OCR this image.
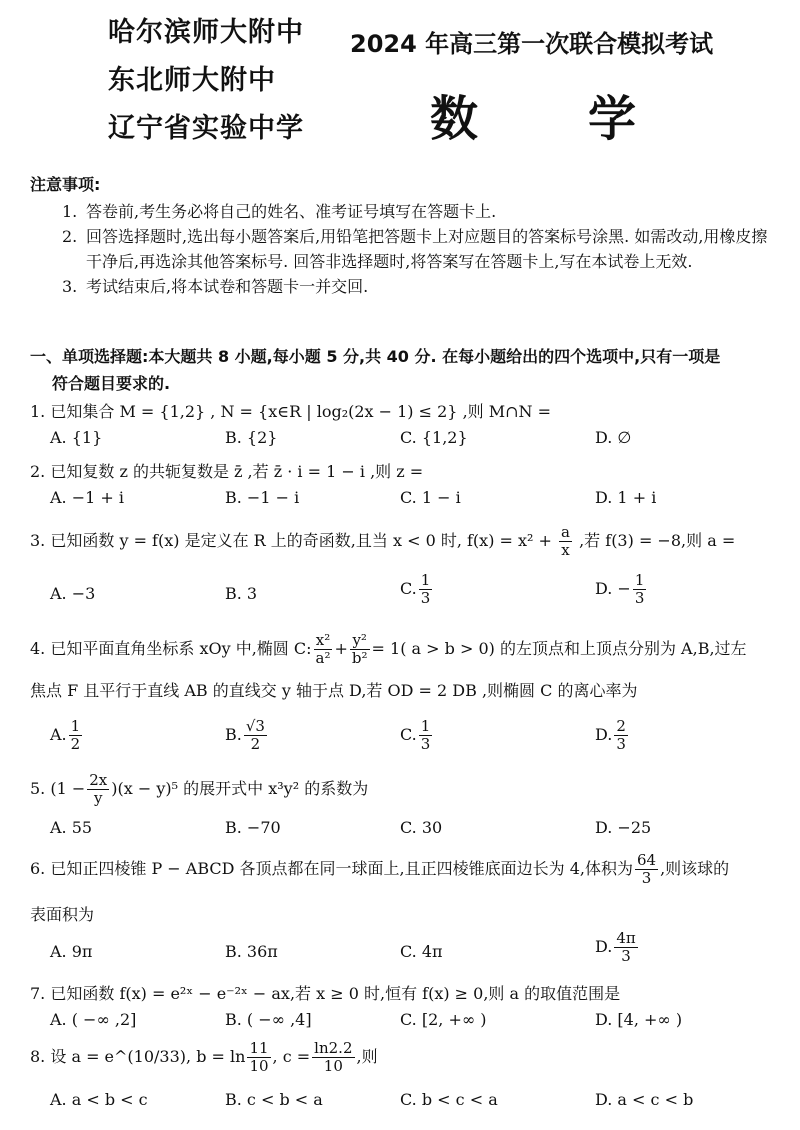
哈尔滨师大附中
东北师大附中
辽宁省实验中学
2024 年高三第一次联合模拟考试
数学
注意事项:
1. 答卷前,考生务必将自己的姓名、准考证号填写在答题卡上.
2. 回答选择题时,选出每小题答案后,用铅笔把答题卡上对应题目的答案标号涂黑. 如需改动,用橡皮擦干净后,再选涂其他答案标号. 回答非选择题时,将答案写在答题卡上,写在本试卷上无效.
3. 考试结束后,将本试卷和答题卡一并交回.
一、单项选择题:本大题共 8 小题,每小题 5 分,共 40 分. 在每小题给出的四个选项中,只有一项是
符合题目要求的.
1. 已知集合 M = {1,2} , N = {x∈R | log₂(2x − 1) ≤ 2} ,则 M∩N =
A. {1}	B. {2}	C. {1,2}	D. ∅
2. 已知复数 z 的共轭复数是 z̄ ,若 z̄ · i = 1 − i ,则 z =
A. −1 + i	B. −1 − i	C. 1 − i	D. 1 + i
3. 已知函数 y = f(x) 是定义在 R 上的奇函数,且当 x < 0 时, $f(x) = x^2 + \frac{a}{x}$ ,若 f(3) = −8,则 a =
A. −3	B. 3	C. $\frac{1}{3}$	D. − $\frac{1}{3}$
4. 已知平面直角坐标系 xOy 中,椭圆 C: $\frac{\text{x²}}{\text{a²}} + \frac{\text{y²}}{\text{b²}} = 1$( a > b > 0) 的左顶点和上顶点分别为 A,B,过左
焦点 F 且平行于直线 AB 的直线交 y 轴于点 D,若 OD = 2 DB ,则椭圆 C 的离心率为
A. $\frac{1}{2}$	B. $\frac{√3}{2}$	C. $\frac{1}{3}$	D. $\frac{2}{3}$
5. $(1 - \frac{2x}{y} )(x - y)^5$ 的展开式中 x³y² 的系数为
A. 55	B. −70	C. 30	D. −25
6. 已知正四棱锥 P − ABCD 各顶点都在同一球面上,且正四棱锥底面边长为 4,体积为 $\frac{64}{3}$ ,则该球的
表面积为
A. 9π	B. 36π	C. 4π	D. $\frac{4\pi}{3}$
7. 已知函数 f(x) = e²ˣ − e⁻²ˣ − ax,若 x ≥ 0 时,恒有 f(x) ≥ 0,则 a 的取值范围是
A. ( −∞ ,2]	B. ( −∞ ,4]	C. [2, +∞ )	D. [4, +∞ )
8. 设 a = e^(10/33), $b = \ln \frac{11}{10}$ , $c = \frac{\ln 2.2}{10}$ ,则
A. a < b < c	B. c < b < a	C. b < c < a	D. a < c < b
